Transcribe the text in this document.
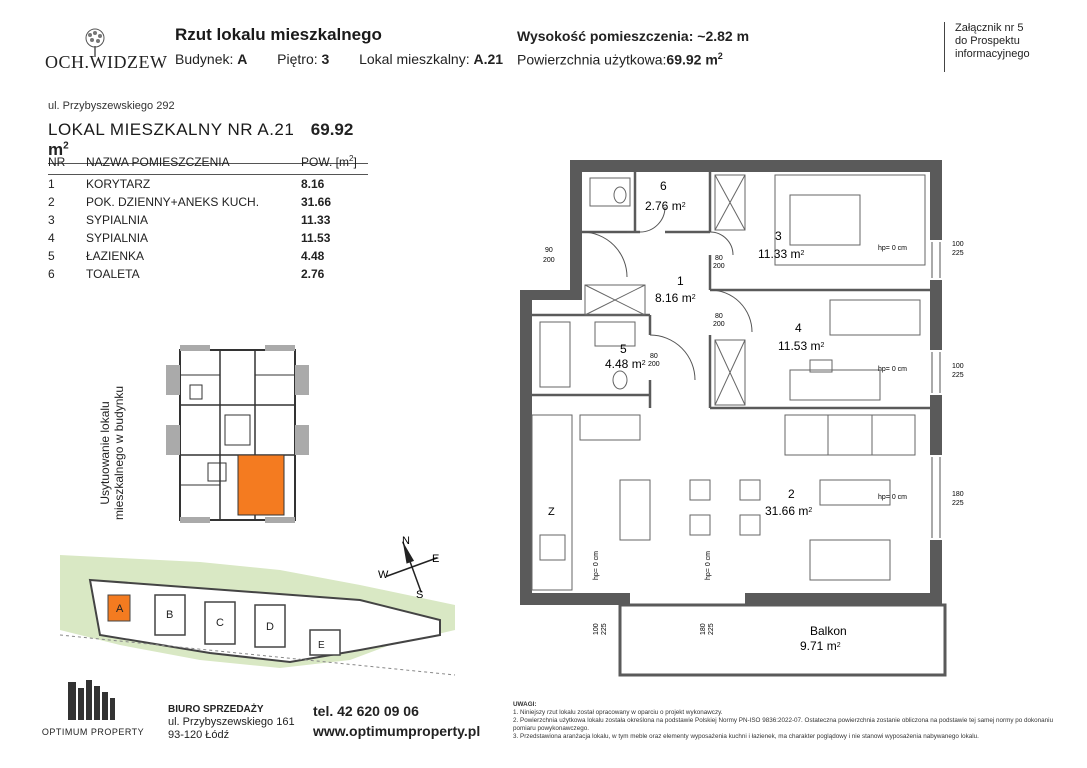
OCH.WIDZEW
Rzut lokalu mieszkalnego
Budynek: A Piętro: 3 Lokal mieszkalny: A.21
Wysokość pomieszczenia: ~2.82 m
Powierzchnia użytkowa:69.92 $m^2$
Załącznik nr 5
do Prospektu
informacyjnego
ul. Przybyszewskiego 292
LOKAL MIESZKALNY NR A.21 69.92 $m^2$
NR	NAZWA POMIESZCZENIA	POW. $[m^2]$
1	KORYTARZ	8.16
2	POK. DZIENNY+ANEKS KUCH.	31.66
3	SYPIALNIA	11.33
4	SYPIALNIA	11.53
5	ŁAZIENKA	4.48
6	TOALETA	2.76
Usytuowanie lokalu mieszkalnego w budynku
A	B
C	D
E
N
E
S
W
6
2.76 $m^2$
3
11.33 $m^2$
1
8.16 $m^2$
4
11.53 $m^2$
5
4.48 $m^2$
2
31.66 $m^2$
Balkon
9.71 $m^2$
Z
90
200	80
200
80
200
80
200
hp= 0 cm
hp= 0 cm
hp= 0 cm
100
225
100
225
180
225
hp= 0 cm	hp= 0 cm
100 225	180 225
OPTIMUM PROPERTY
BIURO SPRZEDAŻY
ul. Przybyszewskiego 161
93-120 Łódź
tel. 42 620 09 06
www.optimumproperty.pl
UWAGI:
1. Niniejszy rzut lokalu został opracowany w oparciu o projekt wykonawczy.
2. Powierzchnia użytkowa lokalu została określona na podstawie Polskiej Normy PN-ISO 9836:2022-07. Ostateczna powierzchnia zostanie obliczona na podstawie tej samej normy po dokonaniu pomiaru powykonawczego.
3. Przedstawiona aranżacja lokalu, w tym meble oraz elementy wyposażenia kuchni i łazienek, ma charakter poglądowy i nie stanowi wyposażenia nabywanego lokalu.
